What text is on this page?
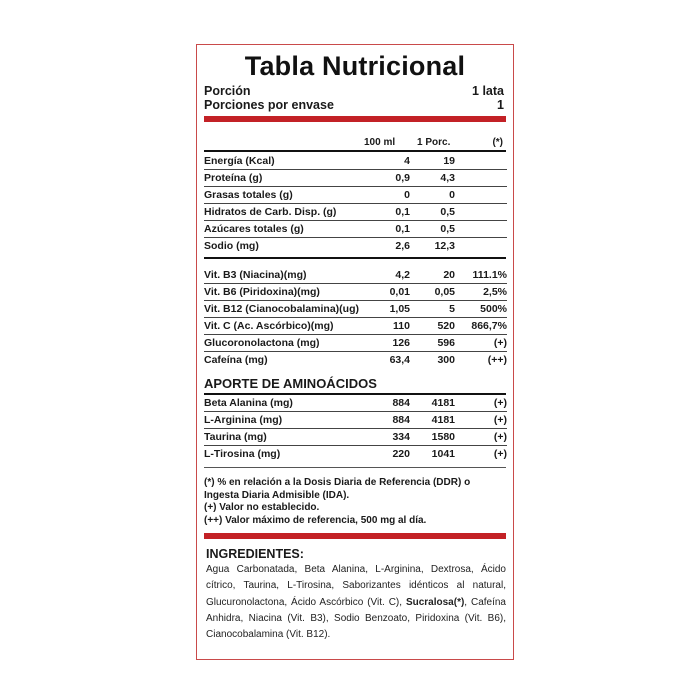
Tabla Nutricional
Porción	1 lata
Porciones por envase	1
100 ml 1 Porc.	(*)
Energía (Kcal)	4	19	
Proteína (g)	0,9	4,3	
Grasas totales (g)	0	0	
Hidratos de Carb. Disp. (g)	0,1	0,5	
Azúcares totales (g)	0,1	0,5	
Sodio (mg)	2,6	12,3	
Vit. B3 (Niacina)(mg)	4,2	20	111.1%
Vit. B6 (Piridoxina)(mg)	0,01	0,05	2,5%
Vit. B12 (Cianocobalamina)(ug)	1,05	5	500%
Vit. C (Ac. Ascórbico)(mg)	110	520	866,7%
Glucoronolactona (mg)	126	596	(+)
Cafeína (mg)	63,4	300	(++)
APORTE DE AMINOÁCIDOS
Beta Alanina (mg)	884	4181	(+)
L-Arginina (mg)	884	4181	(+)
Taurina (mg)	334	1580	(+)
L-Tirosina (mg)	220	1041	(+)
(*) % en relación a la Dosis Diaria de Referencia (DDR) o
Ingesta Diaria Admisible (IDA).
(+) Valor no establecido.
(++) Valor máximo de referencia, 500 mg al día.
INGREDIENTES:
Agua Carbonatada, Beta Alanina, L-Arginina, Dextrosa, Ácido cítrico, Taurina, L-Tirosina, Saborizantes idénticos al natural, Glucuronolactona, Ácido Ascórbico (Vit. C), Sucralosa(*), Cafeína Anhidra, Niacina (Vit. B3), Sodio Benzoato, Piridoxina (Vit. B6), Cianocobalamina (Vit. B12).
